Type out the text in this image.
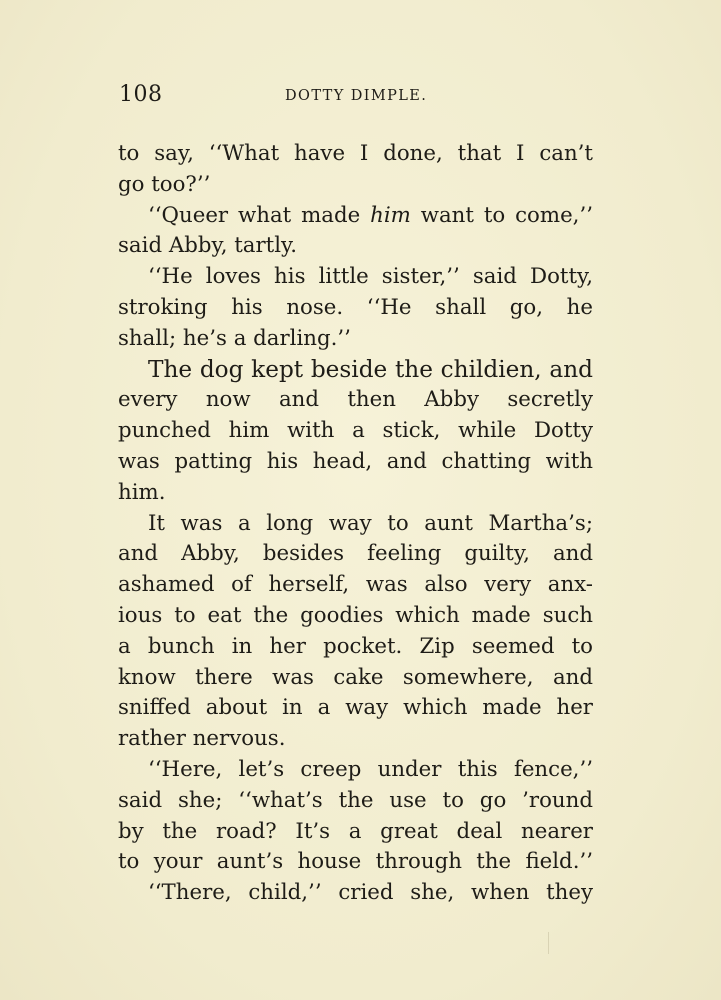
108	DOTTY DIMPLE.
to say, ‘‘What have I done, that I can’t
go too?’’
‘‘Queer what made him want to come,’’
said Abby, tartly.
‘‘He loves his little sister,’’ said Dotty,
stroking his nose. ‘‘He shall go, he
shall; he’s a darling.’’
The dog kept beside the childien, and
every now and then Abby secretly
punched him with a stick, while Dotty
was patting his head, and chatting with
him.
It was a long way to aunt Martha’s;
and Abby, besides feeling guilty, and
ashamed of herself, was also very anx-
ious to eat the goodies which made such
a bunch in her pocket. Zip seemed to
know there was cake somewhere, and
sniffed about in a way which made her
rather nervous.
‘‘Here, let’s creep under this fence,’’
said she; ‘‘what’s the use to go ’round
by the road? It’s a great deal nearer
to your aunt’s house through the field.’’
‘‘There, child,’’ cried she, when they
